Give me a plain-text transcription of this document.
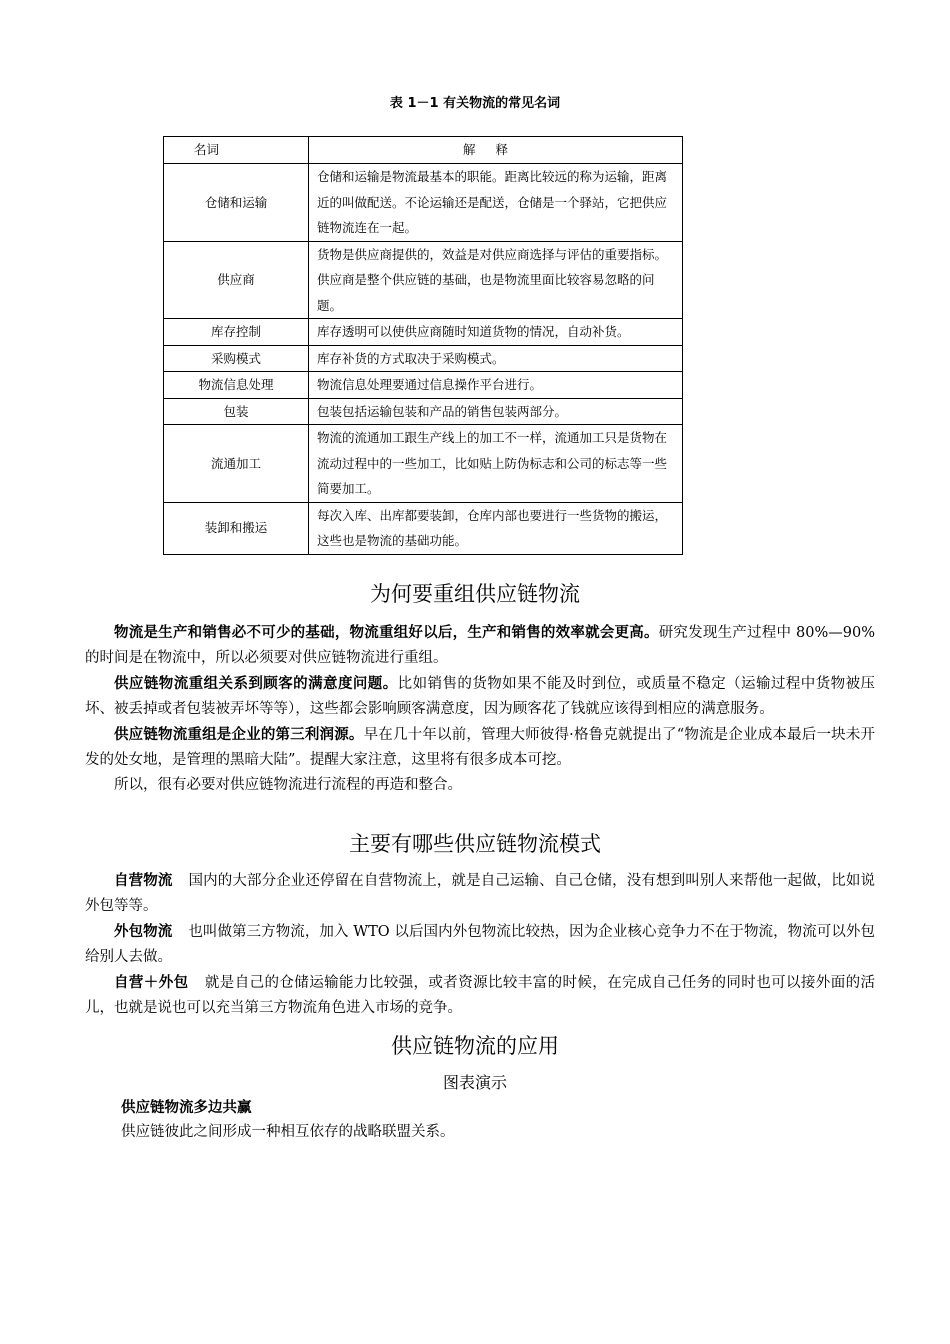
表 1－1 有关物流的常见名词
名词	解释
仓储和运输	仓储和运输是物流最基本的职能。距离比较远的称为运输，距离近的叫做配送。不论运输还是配送，仓储是一个驿站，它把供应链物流连在一起。
供应商	货物是供应商提供的，效益是对供应商选择与评估的重要指标。供应商是整个供应链的基础，也是物流里面比较容易忽略的问题。
库存控制	库存透明可以使供应商随时知道货物的情况，自动补货。
采购模式	库存补货的方式取决于采购模式。
物流信息处理	物流信息处理要通过信息操作平台进行。
包装	包装包括运输包装和产品的销售包装两部分。
流通加工	物流的流通加工跟生产线上的加工不一样，流通加工只是货物在流动过程中的一些加工，比如贴上防伪标志和公司的标志等一些简要加工。
装卸和搬运	每次入库、出库都要装卸，仓库内部也要进行一些货物的搬运，这些也是物流的基础功能。
为何要重组供应链物流

物流是生产和销售必不可少的基础，物流重组好以后，生产和销售的效率就会更高。研究发现生产过程中 80%—90%的时间是在物流中，所以必须要对供应链物流进行重组。

供应链物流重组关系到顾客的满意度问题。比如销售的货物如果不能及时到位，或质量不稳定（运输过程中货物被压坏、被丢掉或者包装被弄坏等等），这些都会影响顾客满意度，因为顾客花了钱就应该得到相应的满意服务。

供应链物流重组是企业的第三利润源。早在几十年以前，管理大师彼得·格鲁克就提出了“物流是企业成本最后一块未开发的处女地，是管理的黑暗大陆”。提醒大家注意，这里将有很多成本可挖。

所以，很有必要对供应链物流进行流程的再造和整合。

主要有哪些供应链物流模式

自营物流 国内的大部分企业还停留在自营物流上，就是自己运输、自己仓储，没有想到叫别人来帮他一起做，比如说外包等等。

外包物流 也叫做第三方物流，加入 WTO 以后国内外包物流比较热，因为企业核心竞争力不在于物流，物流可以外包给别人去做。

自营＋外包 就是自己的仓储运输能力比较强，或者资源比较丰富的时候，在完成自己任务的同时也可以接外面的活儿，也就是说也可以充当第三方物流角色进入市场的竞争。

供应链物流的应用
图表演示
供应链物流多边共赢
供应链彼此之间形成一种相互依存的战略联盟关系。
